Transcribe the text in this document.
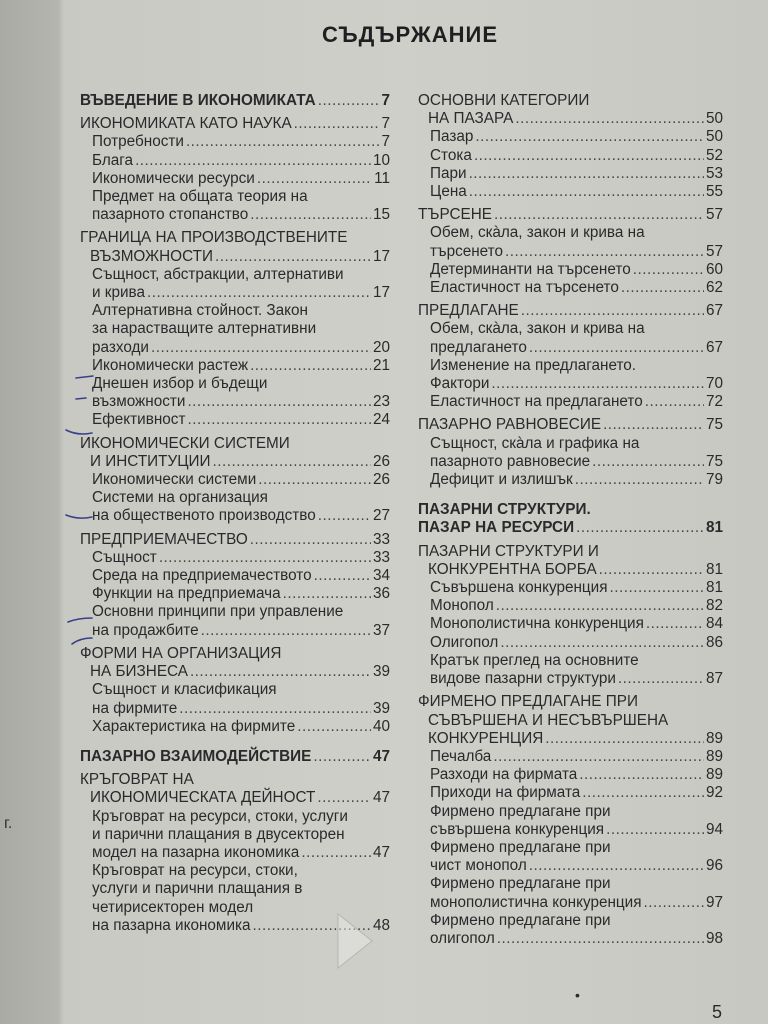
СЪДЪРЖАНИЕ
ВЪВЕДЕНИЕ В ИКОНОМИКАТА .....	7
ИКОНОМИКАТА КАТО НАУКА .....	7
Потребности .....	7
Блага .....	10
Икономически ресурси .....	11
Предмет на общата теория на
пазарното стопанство .....	15
ГРАНИЦА НА ПРОИЗВОДСТВЕНИТЕ
ВЪЗМОЖНОСТИ .....	17
Същност, абстракции, алтернативи
и крива .....	17
Алтернативна стойност. Закон
за нарастващите алтернативни
разходи .....	20
Икономически растеж .....	21
Днешен избор и бъдещи
възможности .....	23
Ефективност .....	24
ИКОНОМИЧЕСКИ СИСТЕМИ
И ИНСТИТУЦИИ .....	26
Икономически системи .....	26
Системи на организация
на общественото производство .....	27
ПРЕДПРИЕМАЧЕСТВО .....	33
Същност .....	33
Среда на предприемачеството .....	34
Функции на предприемача .....	36
Основни принципи при управление
на продажбите .....	37
ФОРМИ НА ОРГАНИЗАЦИЯ
НА БИЗНЕСА .....	39
Същност и класификация
на фирмите .....	39
Характеристика на фирмите .....	40
ПАЗАРНО ВЗАИМОДЕЙСТВИЕ .....	47
КРЪГОВРАТ НА
ИКОНОМИЧЕСКАТА ДЕЙНОСТ .....	47
Кръговрат на ресурси, стоки, услуги
и парични плащания в двусекторен
модел на пазарна икономика .....	47
Кръговрат на ресурси, стоки,
услуги и парични плащания в
четирисекторен модел
на пазарна икономика .....	48
ОСНОВНИ КАТЕГОРИИ
НА ПАЗАРА .....	50
Пазар .....	50
Стока .....	52
Пари .....	53
Цена .....	55
ТЪРСЕНЕ .....	57
Обем, скàла, закон и крива на
търсенето .....	57
Детерминанти на търсенето .....	60
Еластичност на търсенето .....	62
ПРЕДЛАГАНЕ .....	67
Обем, скàла, закон и крива на
предлагането .....	67
Изменение на предлагането.
Фактори .....	70
Еластичност на предлагането .....	72
ПАЗАРНО РАВНОВЕСИЕ .....	75
Същност, скàла и графика на
пазарното равновесие .....	75
Дефицит и излишък .....	79
ПАЗАРНИ СТРУКТУРИ.
ПАЗАР НА РЕСУРСИ .....	81
ПАЗАРНИ СТРУКТУРИ И
КОНКУРЕНТНА БОРБА .....	81
Съвършена конкуренция .....	81
Монопол .....	82
Монополистична конкуренция .....	84
Олигопол .....	86
Кратък преглед на основните
видове пазарни структури .....	87
ФИРМЕНО ПРЕДЛАГАНЕ ПРИ
СЪВЪРШЕНА И НЕСЪВЪРШЕНА
КОНКУРЕНЦИЯ .....	89
Печалба .....	89
Разходи на фирмата .....	89
Приходи на фирмата .....	92
Фирмено предлагане при
съвършена конкуренция .....	94
Фирмено предлагане при
чист монопол .....	96
Фирмено предлагане при
монополистична конкуренция .....	97
Фирмено предлагане при
олигопол .....	98
г.
•
5
